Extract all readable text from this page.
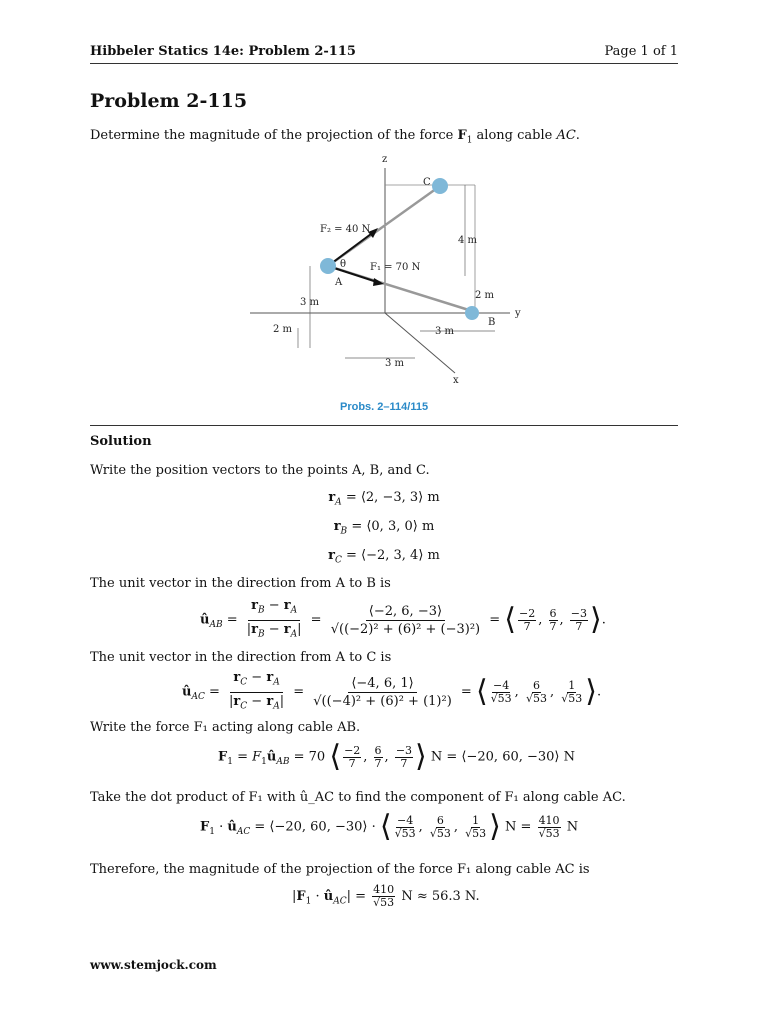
Hibbeler Statics 14e: Problem 2-115	Page 1 of 1
Problem 2-115
Determine the magnitude of the projection of the force $F_1$ along cable AC.
z
y
x
C
A
B
θ
F₂ = 40 N
F₁ = 70 N
4 m
2 m
3 m
2 m	3 m
3 m
Probs. 2–114/115
Solution
Write the position vectors to the points A, B, and C.
$r_A$ = ⟨2, −3, 3⟩ m
$r_B$ = ⟨0, 3, 0⟩ m
$r_C$ = ⟨−2, 3, 4⟩ m
The unit vector in the direction from A to B is
$û_{AB} = \frac{r_B - r_A}{|r_B - r_A|} = \frac{⟨-2, 6, -3⟩}{\text{√((−2)² + (6)² + (−3)²)}}$ = ⟨ $\frac{-2}{7}$ , $\frac{6}{7}$ , $\frac{-3}{7}$ ⟩.
The unit vector in the direction from A to C is
$û_{AC} = \frac{r_C - r_A}{|r_C - r_A|} = \frac{⟨-4, 6, 1⟩}{\text{√((−4)² + (6)² + (1)²)}}$ = ⟨ $\frac{-4}{√53}$ , $\frac{6}{√53}$ , $\frac{1}{√53}$ ⟩.
Write the force F₁ acting along cable AB.
$F_1$ = $F_1û_{AB} = 70$ ⟨ $\frac{-2}{7}$ , $\frac{6}{7}$ , $\frac{-3}{7}$ ⟩ N = ⟨−20, 60, −30⟩ N
Take the dot product of F₁ with û_AC to find the component of F₁ along cable AC.
$F_1$ · $û_{AC}$ = ⟨−20, 60, −30⟩ · ⟨ $\frac{-4}{√53}$ , $\frac{6}{√53}$ , $\frac{1}{√53}$ ⟩ $N = \frac{410}{√53}$ N
Therefore, the magnitude of the projection of the force F₁ along cable AC is
$|F_1$ · $û_{AC}| = \frac{410}{√53}$ N ≈ 56.3 N.
www.stemjock.com
